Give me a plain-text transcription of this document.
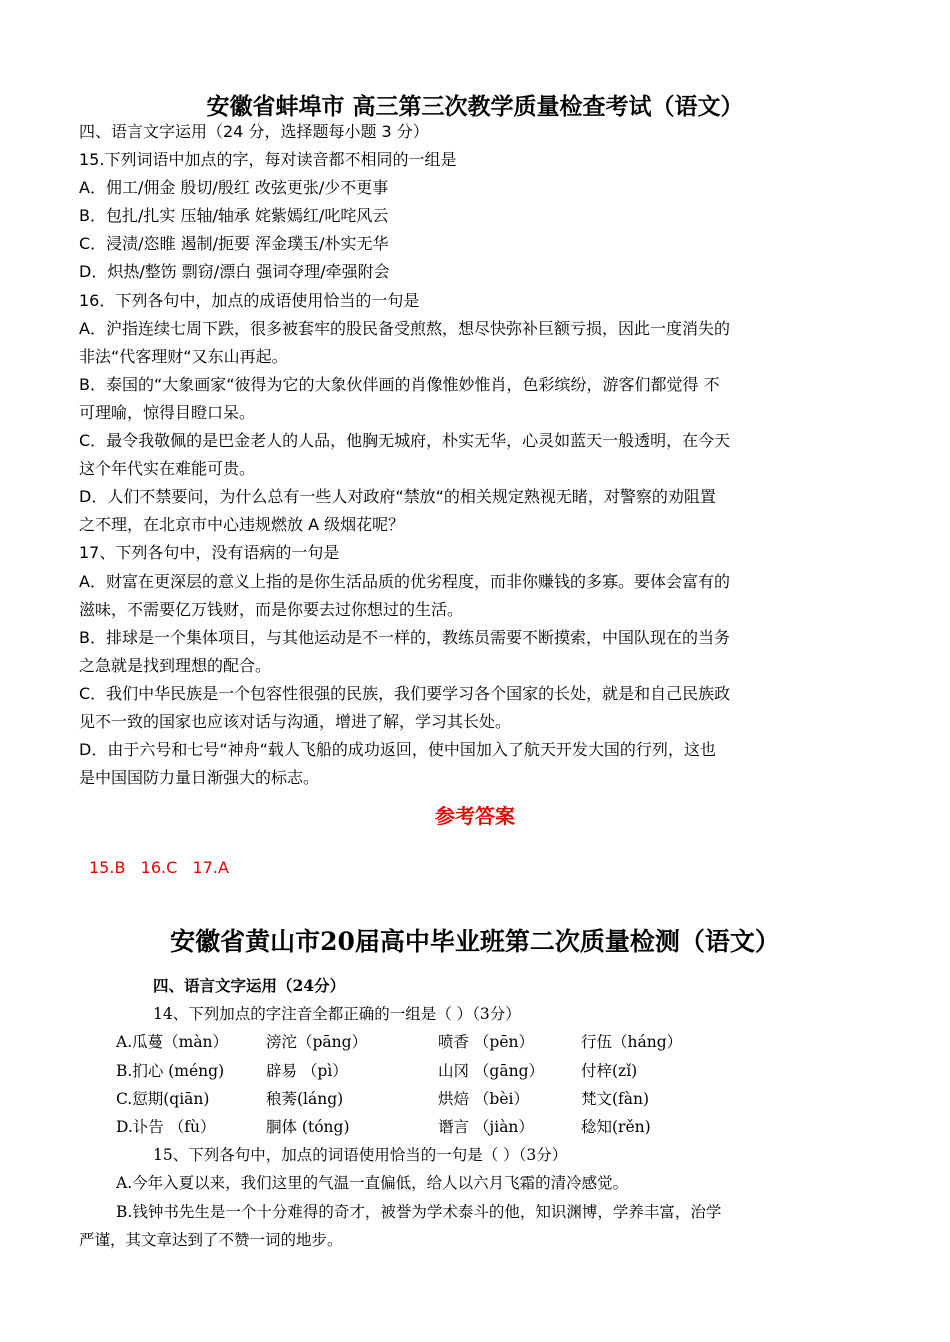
安徽省蚌埠市 高三第三次教学质量检查考试（语文）
四、语言文字运用（24 分，选择题每小题 3 分）
15.下列词语中加点的字，每对读音都不相同的一组是
A．佣工/佣金 殷切/殷红 改弦更张/少不更事
B．包扎/扎实 压轴/轴承 姹紫嫣红/叱咤风云
C．浸渍/恣睢 遏制/扼要 浑金璞玉/朴实无华
D．炽热/整饬 剽窃/漂白 强词夺理/牵强附会
16．下列各句中，加点的成语使用恰当的一句是
A．沪指连续七周下跌，很多被套牢的股民备受煎熬，想尽快弥补巨额亏损，因此一度消失的
非法“代客理财“又东山再起。
B．泰国的“大象画家“彼得为它的大象伙伴画的肖像惟妙惟肖，色彩缤纷，游客们都觉得 不
可理喻，惊得目瞪口呆。
C．最令我敬佩的是巴金老人的人品，他胸无城府，朴实无华，心灵如蓝天一般透明，在今天
这个年代实在难能可贵。
D．人们不禁要问，为什么总有一些人对政府“禁放“的相关规定熟视无睹，对警察的劝阻置
之不理，在北京市中心违规燃放 A 级烟花呢？
17、下列各句中，没有语病的一句是
A．财富在更深层的意义上指的是你生活品质的优劣程度，而非你赚钱的多寡。要体会富有的
滋味，不需要亿万钱财，而是你要去过你想过的生活。
B．排球是一个集体项目，与其他运动是不一样的，教练员需要不断摸索，中国队现在的当务
之急就是找到理想的配合。
C．我们中华民族是一个包容性很强的民族，我们要学习各个国家的长处，就是和自己民族政
见不一致的国家也应该对话与沟通，增进了解，学习其长处。
D．由于六号和七号“神舟“载人飞船的成功返回，使中国加入了航天开发大国的行列，这也
是中国国防力量日渐强大的标志。
参考答案
15.B   16.C   17.A
安徽省黄山市20届高中毕业班第二次质量检测（语文）
四、语言文字运用（24分）
14、下列加点的字注音全都正确的一组是（ ）（3分）
A.瓜蔓（màn）	滂沱（pāng）	喷香 （pēn）	行伍（háng）
B.扪心 (méng)	辟易 （pì）	山冈 （gāng）	付梓(zǐ)
C.愆期(qiān)	稂莠(láng)	烘焙 （bèi）	梵文(fàn)
D.讣告 （fù）	胴体 (tóng)	谮言 （jiàn）	稔知(rěn)
15、下列各句中，加点的词语使用恰当的一句是（ ）（3分）
A.今年入夏以来，我们这里的气温一直偏低，给人以六月飞霜的清冷感觉。
B.钱钟书先生是一个十分难得的奇才，被誉为学术泰斗的他，知识渊博，学养丰富，治学
严谨，其文章达到了不赞一词的地步。
